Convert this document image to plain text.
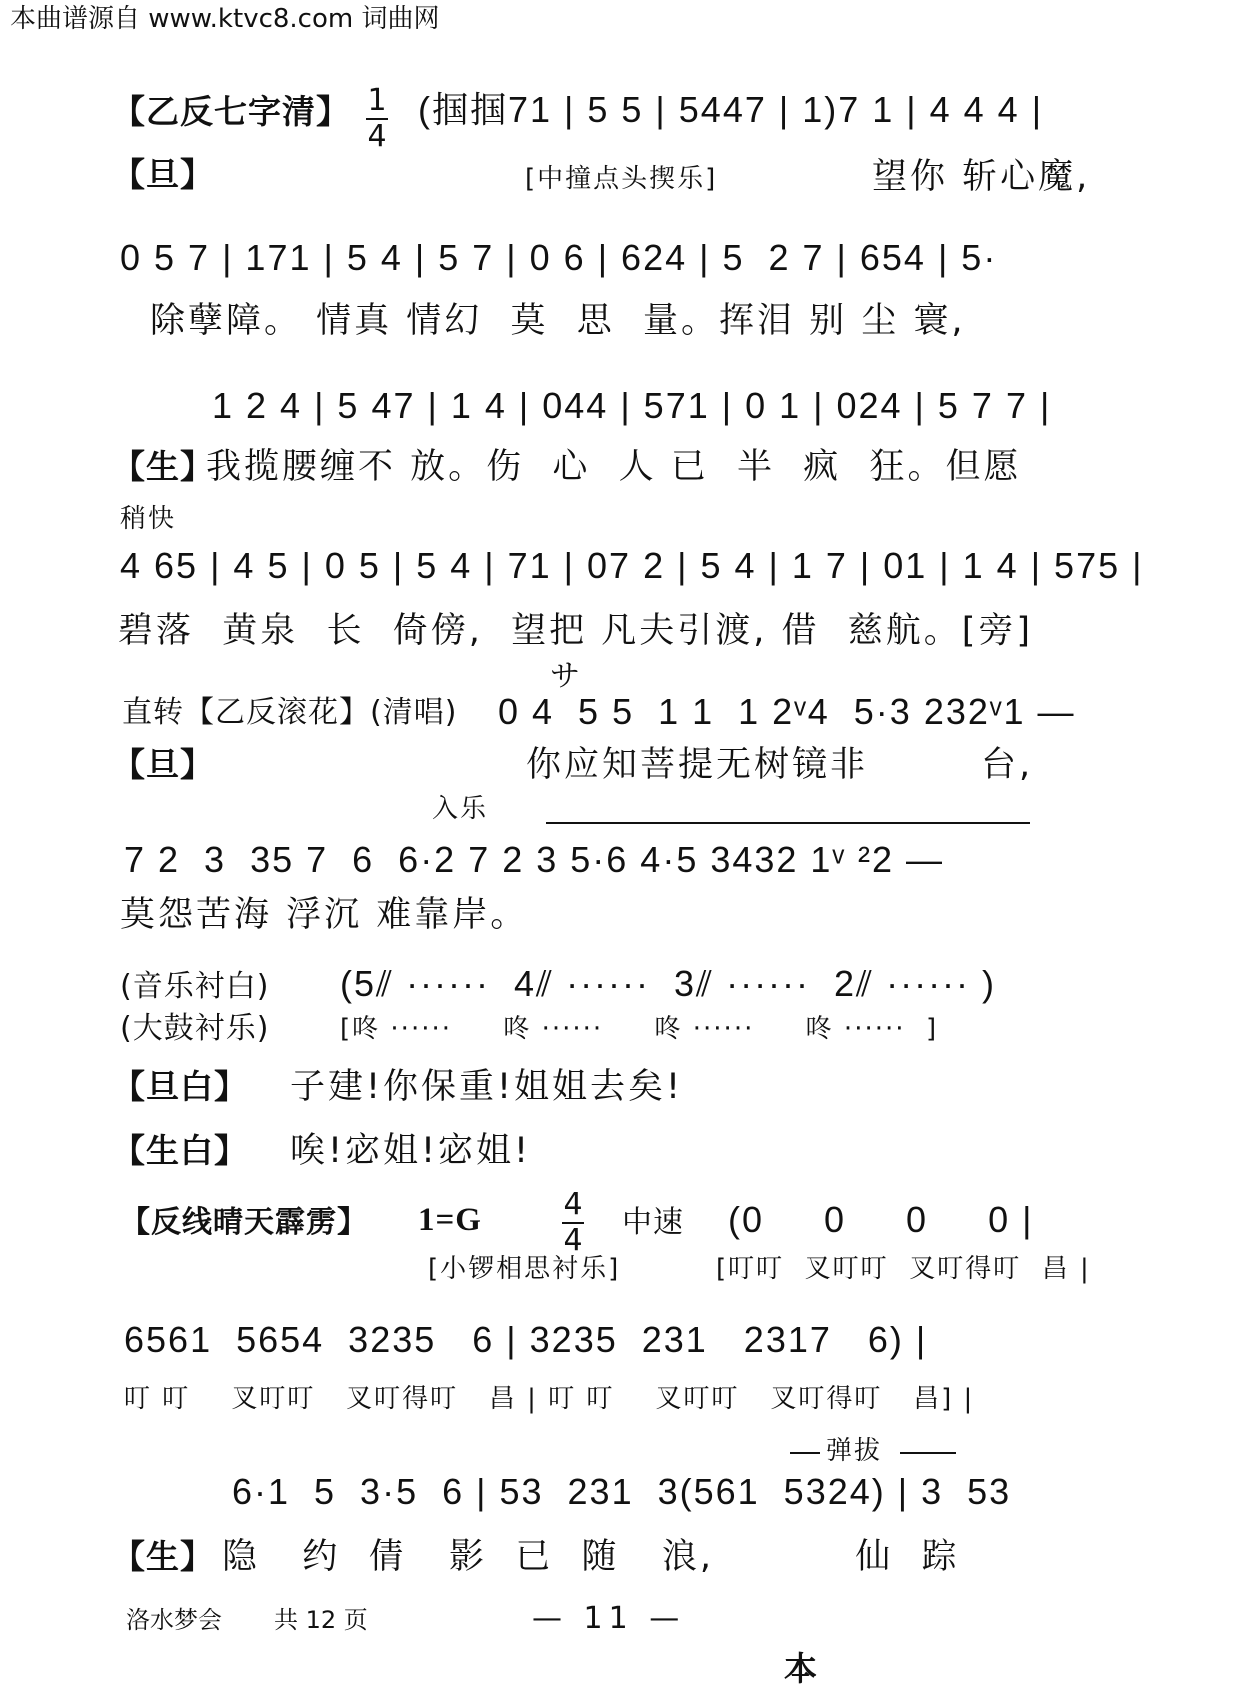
本曲谱源自 www.ktvc8.com 词曲网
【乙反七字清】 1
4
(掴掴71 | 5 5 | 5447 | 1)7 1 | 4 4 4 |
【旦】	[中撞点头揳乐]	望你 斩心魔,
0 5 7 | 171 | 5 4 | 5 7 | 0 6 | 624 | 5  2 7 | 654 | 5·
除孽障。 情真 情幻  莫  思  量。挥泪 别 尘 寰,
1 2 4 | 5 47 | 1 4 | 044 | 571 | 0 1 | 024 | 5 7 7 |
【生】
我揽腰缠不 放。伤  心  人 已  半  疯  狂。但愿
稍快
4 65 | 4 5 | 0 5 | 5 4 | 71 | 07 2 | 5 4 | 1 7 | 01 | 1 4 | 575 |
碧落  黄泉  长  倚傍,  望把 凡夫引渡, 借  慈航。[旁]
サ
直转【乙反滚花】(清唱) 0 4  5 5  1 1  1 2ᵛ4  5·3 232ᵛ1 —
【旦】	你应知菩提无树镜非        台,
入乐
7 2  3  35 7  6  6·2 7 2 3 5·6 4·5 3432 1ᵛ ²2 —
莫怨苦海 浮沉 难靠岸。
(音乐衬白) (5⫽ ······  4⫽ ······  3⫽ ······  2⫽ ······ )
(大鼓衬乐)	[咚 ······     咚 ······     咚 ······     咚 ······  ]
【旦白】 子建!你保重!姐姐去矣!
【生白】 唉!宓姐!宓姐!
【反线晴天霹雳】 1=G	4
4
中速 (0     0     0     0 |
[小锣相思衬乐]	[叮叮  叉叮叮  叉叮得叮  昌 |
6561  5654  3235   6 | 3235  231   2317   6) |
叮 叮    叉叮叮   叉叮得叮   昌 | 叮 叮    叉叮叮   叉叮得叮   昌] |
弹拔
6·1  5  3·5  6 | 53  231  3(561  5324) | 3  53
【生】 隐   约  倩   影  已  随   浪,          仙  踪
洛水梦会 共 12 页	— 11 —
本
